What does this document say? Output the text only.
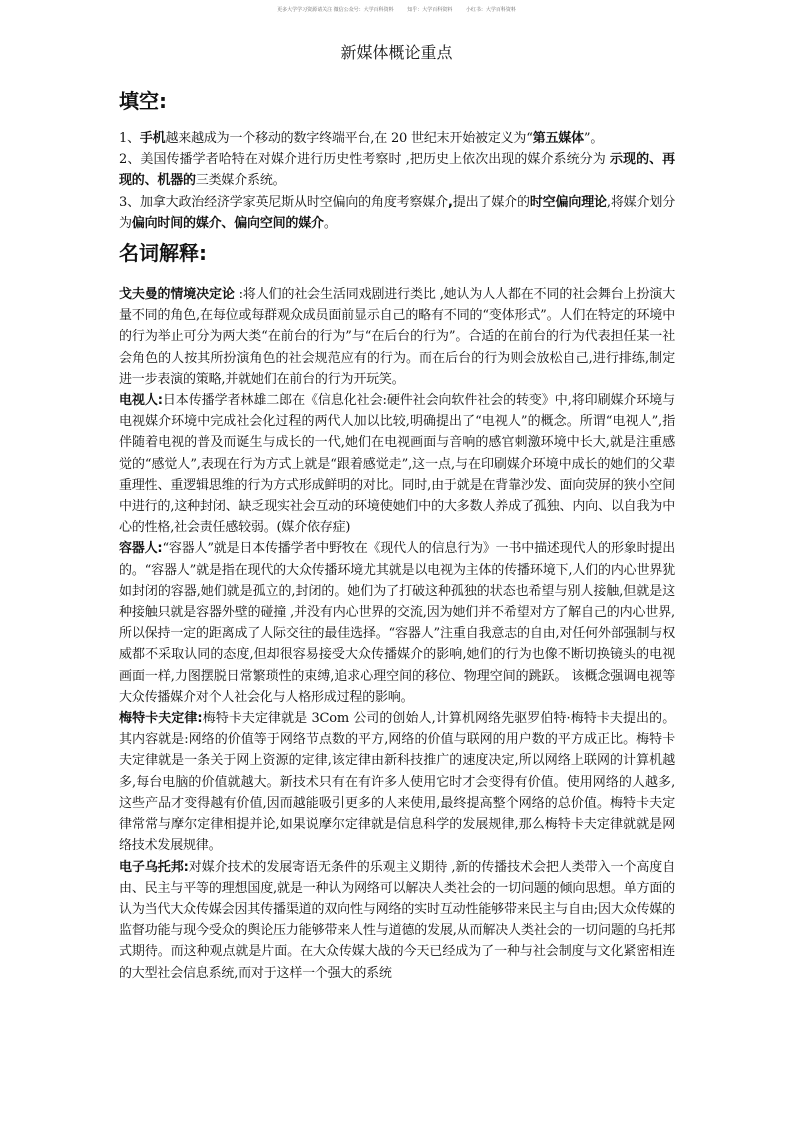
更多大学学习资源请关注 微信公众号：大学百科资料	知乎：大学百科资料	小红书：大学百科资料
新媒体概论重点
填空:

1、手机越来越成为一个移动的数字终端平台,在 20 世纪末开始被定义为“第五媒体”。

2、美国传播学者哈特在对媒介进行历史性考察时 ,把历史上依次出现的媒介系统分为 示现的、再现的、机器的三类媒介系统。

3、加拿大政治经济学家英尼斯从时空偏向的角度考察媒介,提出了媒介的时空偏向理论,将媒介划分为偏向时间的媒介、偏向空间的媒介。

名词解释:

戈夫曼的情境决定论 :将人们的社会生活同戏剧进行类比 ,她认为人人都在不同的社会舞台上扮演大量不同的角色,在每位或每群观众成员面前显示自己的略有不同的“变体形式”。人们在特定的环境中的行为举止可分为两大类“在前台的行为”与“在后台的行为”。合适的在前台的行为代表担任某一社会角色的人按其所扮演角色的社会规范应有的行为。而在后台的行为则会放松自己,进行排练,制定进一步表演的策略,并就她们在前台的行为开玩笑。

电视人:日本传播学者林雄二郎在《信息化社会:硬件社会向软件社会的转变》中,将印刷媒介环境与电视媒介环境中完成社会化过程的两代人加以比较,明确提出了“电视人”的概念。所谓“电视人”,指伴随着电视的普及而诞生与成长的一代,她们在电视画面与音响的感官刺激环境中长大,就是注重感觉的“感觉人”,表现在行为方式上就是“跟着感觉走”,这一点,与在印刷媒介环境中成长的她们的父辈重理性、重逻辑思维的行为方式形成鲜明的对比。同时,由于就是在背靠沙发、面向荧屏的狭小空间中进行的,这种封闭、缺乏现实社会互动的环境使她们中的大多数人养成了孤独、内向、以自我为中心的性格,社会责任感较弱。(媒介依存症)

容器人:“容器人”就是日本传播学者中野牧在《现代人的信息行为》一书中描述现代人的形象时提出的。“容器人”就是指在现代的大众传播环境尤其就是以电视为主体的传播环境下,人们的内心世界犹如封闭的容器,她们就是孤立的,封闭的。她们为了打破这种孤独的状态也希望与别人接触,但就是这种接触只就是容器外壁的碰撞 ,并没有内心世界的交流,因为她们并不希望对方了解自己的内心世界,所以保持一定的距离成了人际交往的最佳选择。“容器人”注重自我意志的自由,对任何外部强制与权威都不采取认同的态度,但却很容易接受大众传播媒介的影响,她们的行为也像不断切换镜头的电视画面一样,力图摆脱日常繁琐性的束缚,追求心理空间的移位、物理空间的跳跃。 该概念强调电视等大众传播媒介对个人社会化与人格形成过程的影响。

梅特卡夫定律:梅特卡夫定律就是 3Com 公司的创始人,计算机网络先驱罗伯特·梅特卡夫提出的。其内容就是:网络的价值等于网络节点数的平方,网络的价值与联网的用户数的平方成正比。梅特卡夫定律就是一条关于网上资源的定律,该定律由新科技推广的速度决定,所以网络上联网的计算机越多,每台电脑的价值就越大。新技术只有在有许多人使用它时才会变得有价值。使用网络的人越多,这些产品才变得越有价值,因而越能吸引更多的人来使用,最终提高整个网络的总价值。梅特卡夫定律常常与摩尔定律相提并论,如果说摩尔定律就是信息科学的发展规律,那么梅特卡夫定律就就是网络技术发展规律。

电子乌托邦:对媒介技术的发展寄语无条件的乐观主义期待 ,新的传播技术会把人类带入一个高度自由、民主与平等的理想国度,就是一种认为网络可以解决人类社会的一切问题的倾向思想。单方面的认为当代大众传媒会因其传播渠道的双向性与网络的实时互动性能够带来民主与自由;因大众传媒的监督功能与现今受众的舆论压力能够带来人性与道德的发展,从而解决人类社会的一切问题的乌托邦式期待。而这种观点就是片面。在大众传媒大战的今天已经成为了一种与社会制度与文化紧密相连的大型社会信息系统,而对于这样一个强大的系统
